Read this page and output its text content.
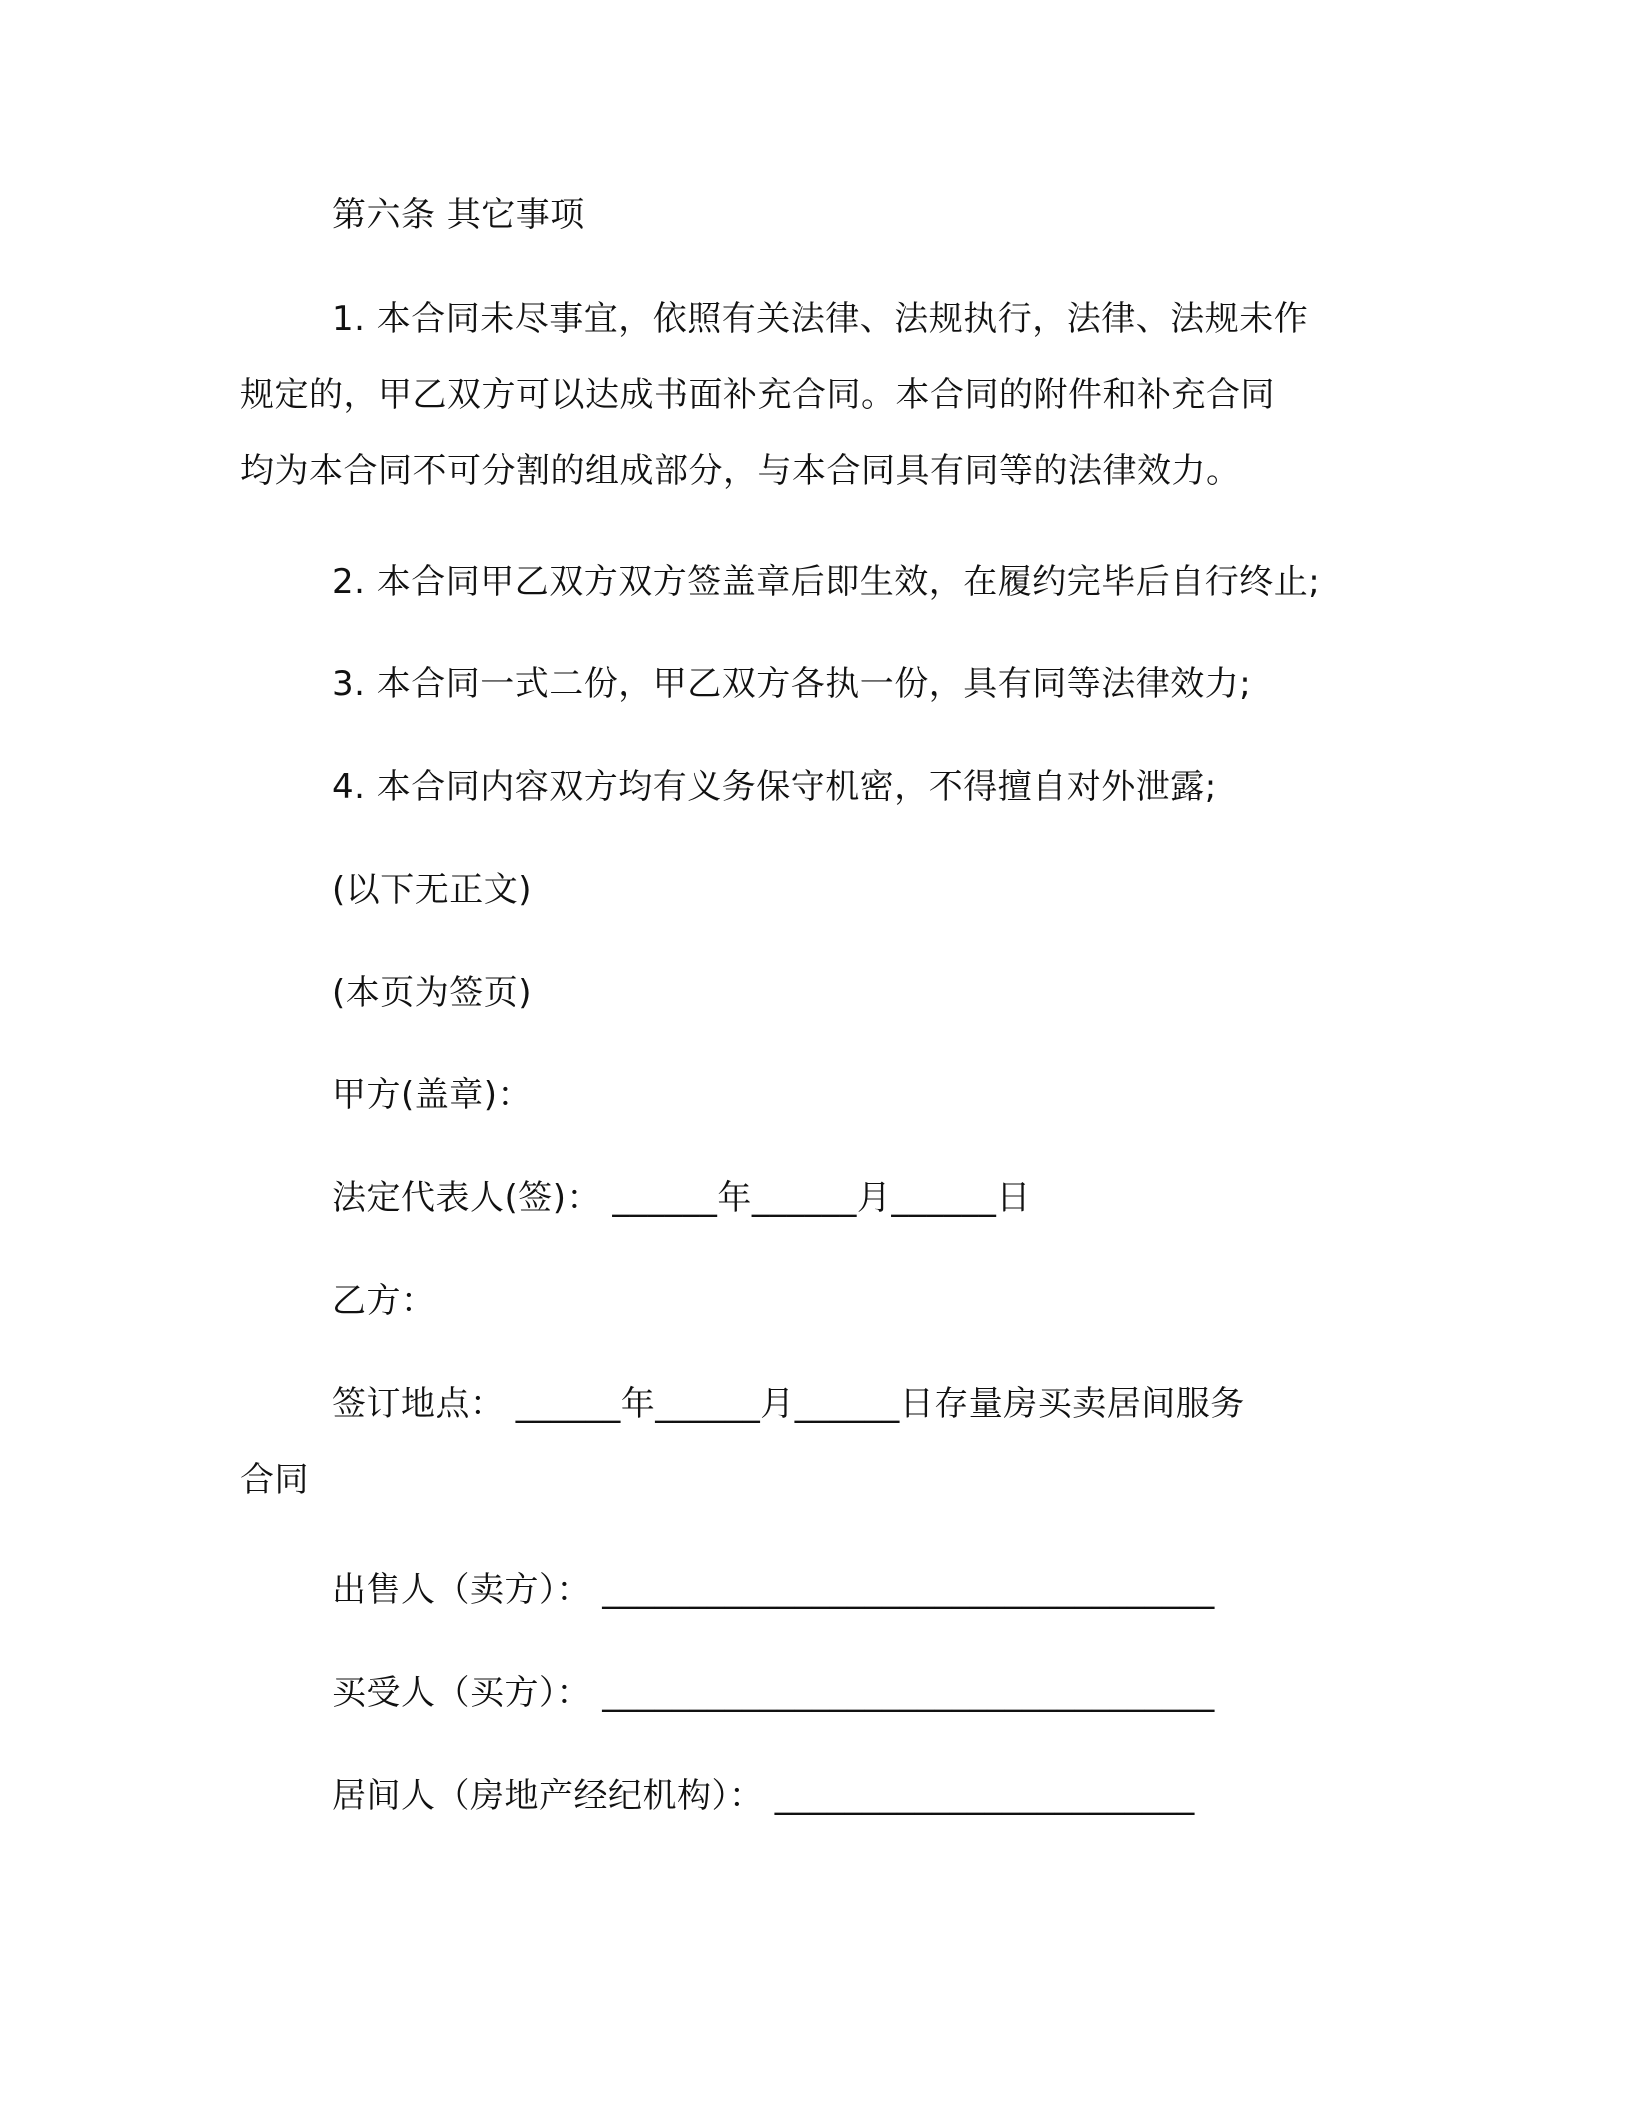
第六条 其它事项
1. 本合同未尽事宜，依照有关法律、法规执行，法律、法规未作
规定的，甲乙双方可以达成书面补充合同。本合同的附件和补充合同
均为本合同不可分割的组成部分，与本合同具有同等的法律效力。
2. 本合同甲乙双方双方签盖章后即生效，在履约完毕后自行终止;
3. 本合同一式二份，甲乙双方各执一份，具有同等法律效力;
4. 本合同内容双方均有义务保守机密，不得擅自对外泄露;
(以下无正文)
(本页为签页)
甲方(盖章)：
法定代表人(签)： ______年______月______日
乙方：
签订地点： ______年______月______日存量房买卖居间服务
合同
出售人（卖方）： ___________________________________
买受人（买方）： ___________________________________
居间人（房地产经纪机构）： ________________________
